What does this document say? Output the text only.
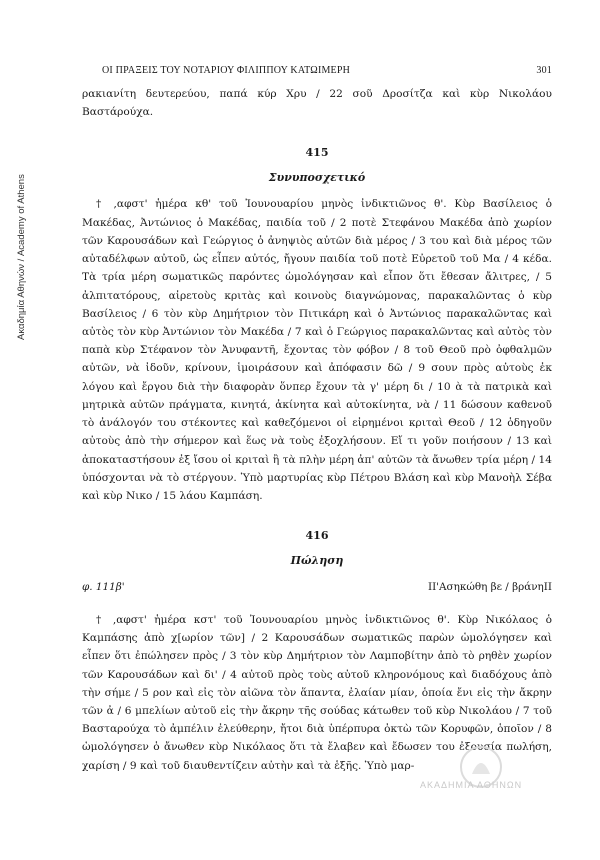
Ακαδημία Αθηνών / Academy of Athens
ΟΙ ΠΡΑΞΕΙΣ ΤΟΥ ΝΟΤΑΡΙΟΥ ΦΙΛΙΠΠΟΥ ΚΑΤΩΙΜΕΡΗ	301

ρακιανίτη δευτερεύου, παπά κύρ Χρυ / 22 σοῦ Δροσίτζα καὶ κὺρ Νικολάου Βαστάρούχα.

415
Συνυποσχετικό

† ,αφστ' ἡμέρα κθ' τοῦ Ἰουνουαρίου μηνὸς ἰνδικτιῶνος θ'. Κὺρ Βασίλειος ὁ Μακέδας, Ἀντώνιος ὁ Μακέδας, παιδία τοῦ / 2 ποτὲ Στεφάνου Μακέδα ἀπὸ χωρίον τῶν Καρουσάδων καὶ Γεώργιος ὁ ἀνηψιὸς αὐτῶν διὰ μέρος / 3 του καὶ διὰ μέρος τῶν αὐταδέλφων αὐτοῦ, ὡς εἶπεν αὐτός, ἤγουν παιδία τοῦ ποτὲ Εὐρετοῦ τοῦ Μα / 4 κέδα. Τὰ τρία μέρη σωματικῶς παρόντες ὡμολόγησαν καὶ εἶπον ὅτι ἔθεσαν ἄλιτρες, / 5 ἀλπιτατόρους, αἱρετοὺς κριτὰς καὶ κοινοὺς διαγνώμονας, παρακαλῶντας ὁ κὺρ Βασίλειος / 6 τὸν κὺρ Δημήτριον τὸν Πιτικάρη καὶ ὁ Ἀντώνιος παρακαλῶντας καὶ αὐτὸς τὸν κὺρ Ἀντώνιον τὸν Μακέδα / 7 καὶ ὁ Γεώργιος παρακαλῶντας καὶ αὐτὸς τὸν παπὰ κὺρ Στέφανον τὸν Ἀνυφαντῆ, ἔχοντας τὸν φόβον / 8 τοῦ Θεοῦ πρὸ ὀφθαλμῶν αὐτῶν, νὰ ἰδοῦν, κρίνουν, ἱμοιράσουν καὶ ἀπόφασιν δῶ / 9 σουν πρὸς αὐτοὺς ἐκ λόγου καὶ ἔργου διὰ τὴν διαφορὰν ὅνπερ ἔχουν τὰ γ' μέρη δι / 10 ὰ τὰ πατρικὰ καὶ μητρικὰ αὐτῶν πράγματα, κινητά, ἀκίνητα καὶ αὐτοκίνητα, νὰ / 11 δώσουν καθενοῦ τὸ ἀνάλογόν του στέκοντες καὶ καθεζόμενοι οἱ εἰρημένοι κριταὶ Θεοῦ / 12 ὁδηγοῦν αὐτοὺς ἀπὸ τὴν σήμερον καὶ ἕως νὰ τοὺς ἐξοχλήσουν. Εἴ τι γοῦν ποιήσουν / 13 καὶ ἀποκαταστήσουν ἐξ ἴσου οἱ κριταὶ ἢ τὰ πλὴν μέρη ἀπ' αὐτῶν τὰ ἄνωθεν τρία μέρη / 14 ὑπόσχονται νὰ τὸ στέργουν. Ὑπὸ μαρτυρίας κὺρ Πέτρου Βλάση καὶ κὺρ Μανοὴλ Σέβα καὶ κὺρ Νικο / 15 λάου Καμπάση.

416
Πώληση
φ. 111β'	ΙΙ'Ασηκώθη βε / βράνηΙΙ

† ,αφστ' ἡμέρα κστ' τοῦ Ἰουνουαρίου μηνὸς ἰνδικτιῶνος θ'. Κὺρ Νικόλαος ὁ Καμπάσης ἀπὸ χ[ωρίον τῶν] / 2 Καρουσάδων σωματικῶς παρὼν ὡμολόγησεν καὶ εἶπεν ὅτι ἐπώλησεν πρὸς / 3 τὸν κὺρ Δημήτριον τὸν Λαμποβίτην ἀπὸ τὸ ρηθὲν χωρίον τῶν Καρουσάδων καὶ δι' / 4 αὐτοῦ πρὸς τοὺς αὐτοῦ κληρονόμους καὶ διαδόχους ἀπὸ τὴν σήμε / 5 ρον καὶ εἰς τὸν αἰῶνα τὸν ἅπαντα, ἐλαίαν μίαν, ὁποία ἔνι εἰς τὴν ἄκρην τῶν ἀ / 6 μπελίων αὐτοῦ εἰς τὴν ἄκρην τῆς σούδας κάτωθεν τοῦ κὺρ Νικολάου / 7 τοῦ Βασταρούχα τὸ ἀμπέλιν ἐλεύθερην, ἤτοι διὰ ὑπέρπυρα ὀκτὼ τῶν Κορυφῶν, ὁποῖον / 8 ὡμολόγησεν ὁ ἄνωθεν κὺρ Νικόλαος ὅτι τὰ ἔλαβεν καὶ ἔδωσεν του ἐξουσία πωλήση, χαρίση / 9 καὶ τοῦ διαυθεντίζειν αὐτὴν καὶ τὰ ἑξῆς. Ὑπὸ μαρ-

ΑΚΑΔΗΜΙΑ ΑΘΗΝΩΝ
